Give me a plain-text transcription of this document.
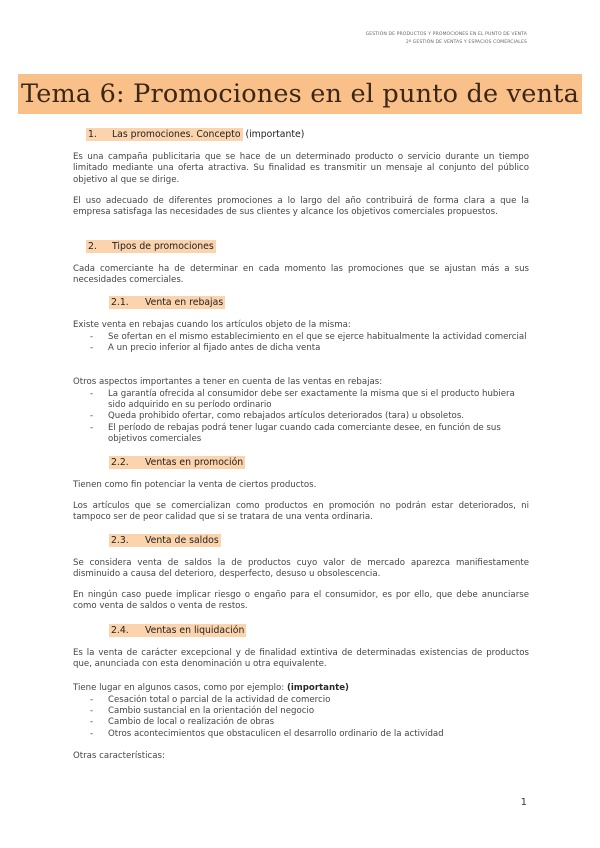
GESTIÓN DE PRODUCTOS Y PROMOCIONES EN EL PUNTO DE VENTA
2º GESTIÓN DE VENTAS Y ESPACIOS COMERCIALES
Tema 6: Promociones en el punto de venta
1. Las promociones. Concepto (importante)
Es una campaña publicitaria que se hace de un determinado producto o servicio durante un tiempo limitado mediante una oferta atractiva. Su finalidad es transmitir un mensaje al conjunto del público objetivo al que se dirige.
El uso adecuado de diferentes promociones a lo largo del año contribuirá de forma clara a que la empresa satisfaga las necesidades de sus clientes y alcance los objetivos comerciales propuestos.
2. Tipos de promociones
Cada comerciante ha de determinar en cada momento las promociones que se ajustan más a sus necesidades comerciales.
2.1. Venta en rebajas
Existe venta en rebajas cuando los artículos objeto de la misma:
- Se ofertan en el mismo establecimiento en el que se ejerce habitualmente la actividad comercial
- A un precio inferior al fijado antes de dicha venta
Otros aspectos importantes a tener en cuenta de las ventas en rebajas:
- La garantía ofrecida al consumidor debe ser exactamente la misma que si el producto hubiera sido adquirido en su período ordinario
- Queda prohibido ofertar, como rebajados artículos deteriorados (tara) u obsoletos.
- El período de rebajas podrá tener lugar cuando cada comerciante desee, en función de sus objetivos comerciales
2.2. Ventas en promoción
Tienen como fin potenciar la venta de ciertos productos.
Los artículos que se comercializan como productos en promoción no podrán estar deteriorados, ni tampoco ser de peor calidad que si se tratara de una venta ordinaria.
2.3. Venta de saldos
Se considera venta de saldos la de productos cuyo valor de mercado aparezca manifiestamente disminuido a causa del deterioro, desperfecto, desuso u obsolescencia.
En ningún caso puede implicar riesgo o engaño para el consumidor, es por ello, que debe anunciarse como venta de saldos o venta de restos.
2.4. Ventas en liquidación
Es la venta de carácter excepcional y de finalidad extintiva de determinadas existencias de productos que, anunciada con esta denominación u otra equivalente.
Tiene lugar en algunos casos, como por ejemplo: (importante)
- Cesación total o parcial de la actividad de comercio
- Cambio sustancial en la orientación del negocio
- Cambio de local o realización de obras
- Otros acontecimientos que obstaculicen el desarrollo ordinario de la actividad
Otras características:
1
